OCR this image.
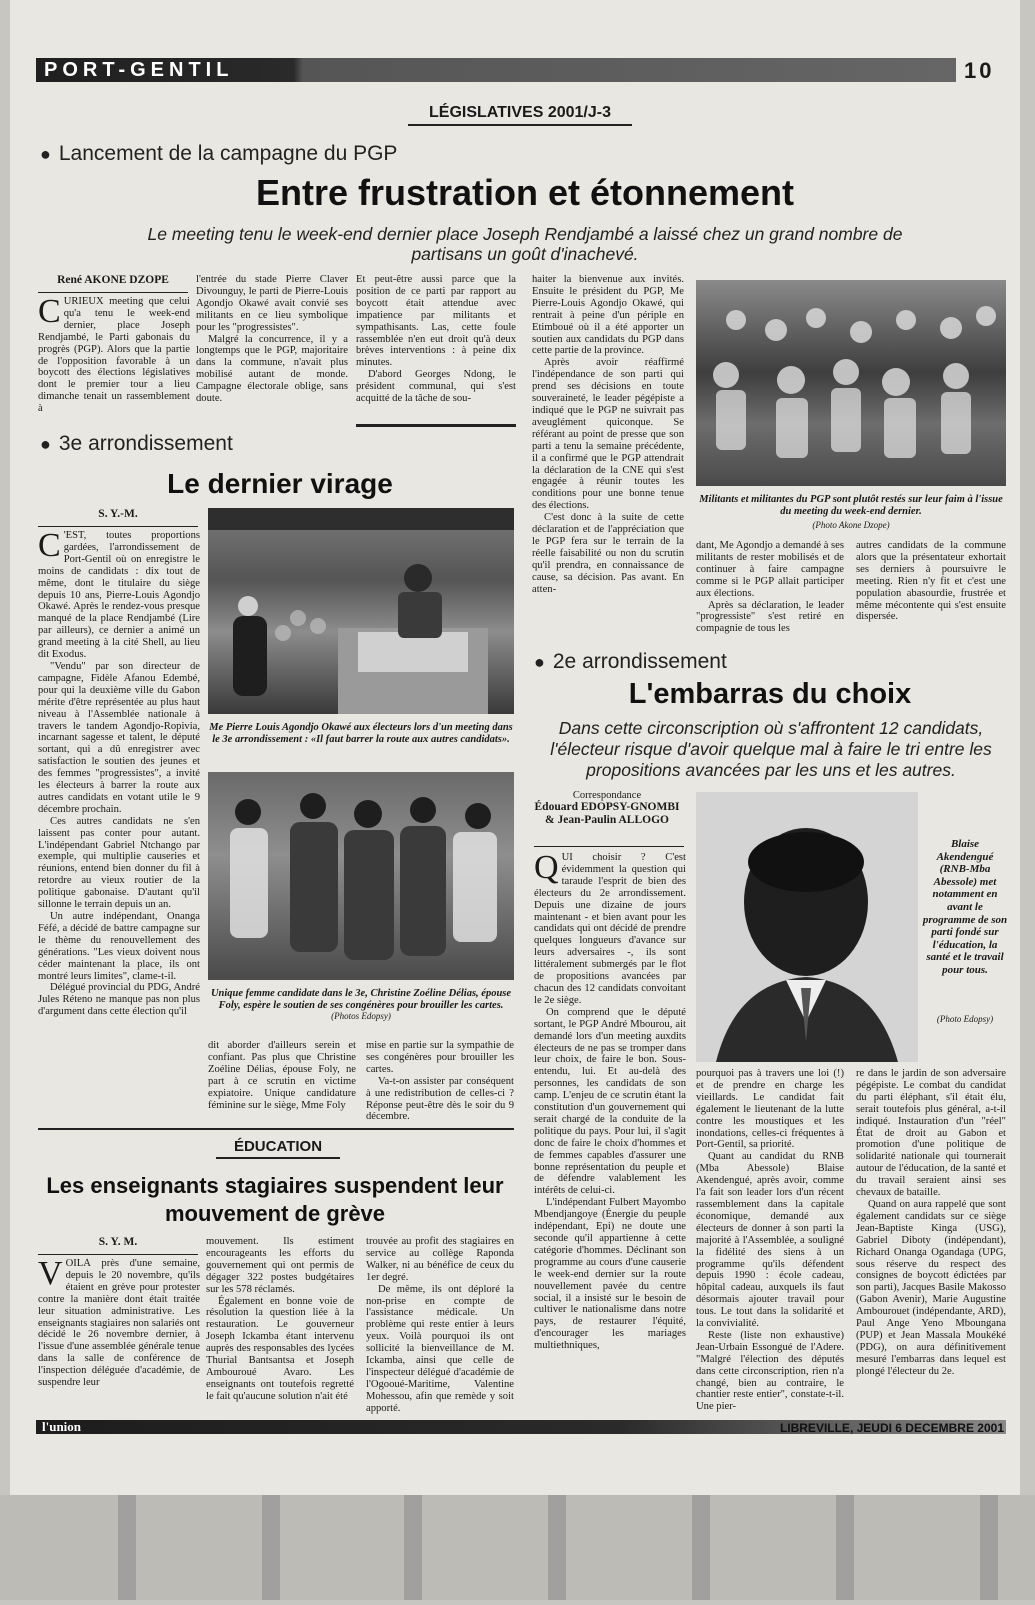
PORT-GENTIL	10
LÉGISLATIVES 2001/J-3
● Lancement de la campagne du PGP
Entre frustration et étonnement
Le meeting tenu le week-end dernier place Joseph Rendjambé a laissé chez un grand nombre de partisans un goût d'inachevé.
René AKONE DZOPE

CURIEUX meeting que celui qu'a tenu le week-end dernier, place Joseph Rendjambé, le Parti gabonais du progrès (PGP). Alors que la partie de l'opposition favorable à un boycott des élections législatives dont le premier tour a lieu dimanche tenait un rassemblement à

l'entrée du stade Pierre Claver Divounguy, le parti de Pierre-Louis Agondjo Okawé avait convié ses militants en ce lieu symbolique pour les "progressistes".

Malgré la concurrence, il y a longtemps que le PGP, majoritaire dans la commune, n'avait plus mobilisé autant de monde. Campagne électorale oblige, sans doute.

Et peut-être aussi parce que la position de ce parti par rapport au boycott était attendue avec impatience par militants et sympathisants. Las, cette foule rassemblée n'en eut droit qu'à deux brèves interventions : à peine dix minutes.

D'abord Georges Ndong, le président communal, qui s'est acquitté de la tâche de sou-

haiter la bienvenue aux invités. Ensuite le président du PGP, Me Pierre-Louis Agondjo Okawé, qui rentrait à peine d'un périple en Etimboué où il a été apporter un soutien aux candidats du PGP dans cette partie de la province.

Après avoir réaffirmé l'indépendance de son parti qui prend ses décisions en toute souveraineté, le leader pégépiste a indiqué que le PGP ne suivrait pas aveuglément quiconque. Se référant au point de presse que son parti a tenu la semaine précédente, il a confirmé que le PGP attendrait la déclaration de la CNE qui s'est engagée à réunir toutes les conditions pour une bonne tenue des élections.

C'est donc à la suite de cette déclaration et de l'appréciation que le PGP fera sur le terrain de la réelle faisabilité ou non du scrutin qu'il prendra, en connaissance de cause, sa décision. Pas avant. En atten-

Militants et militantes du PGP sont plutôt restés sur leur faim à l'issue du meeting du week-end dernier.
(Photo Akone Dzope)

dant, Me Agondjo a demandé à ses militants de rester mobilisés et de continuer à faire campagne comme si le PGP allait participer aux élections.

Après sa déclaration, le leader "progressiste" s'est retiré en compagnie de tous les

autres candidats de la commune alors que la présentateur exhortait ses derniers à poursuivre le meeting. Rien n'y fit et c'est une population abasourdie, frustrée et même mécontente qui s'est ensuite dispersée.

● 3e arrondissement
Le dernier virage
S. Y.-M.

C 'EST, toutes proportions gardées, l'arrondissement de Port-Gentil où on enregistre le moins de candidats : dix tout de même, dont le titulaire du siège depuis 10 ans, Pierre-Louis Agondjo Okawé. Après le rendez-vous presque manqué de la place Rendjambé (Lire par ailleurs), ce dernier a animé un grand meeting à la cité Shell, au lieu dit Exodus.

"Vendu" par son directeur de campagne, Fidèle Afanou Edembé, pour qui la deuxième ville du Gabon mérite d'être représentée au plus haut niveau à l'Assemblée nationale à travers le tandem Agondjo-Ropivia, incarnant sagesse et talent, le député sortant, qui a dû enregistrer avec satisfaction le soutien des jeunes et des femmes "progressistes", a invité les électeurs à barrer la route aux autres candidats en votant utile le 9 décembre prochain.

Ces autres candidats ne s'en laissent pas conter pour autant. L'indépendant Gabriel Ntchango par exemple, qui multiplie causeries et réunions, entend bien donner du fil à retordre au vieux routier de la politique gabonaise. D'autant qu'il sillonne le terrain depuis un an.

Un autre indépendant, Onanga Féfé, a décidé de battre campagne sur le thème du renouvellement des générations. "Les vieux doivent nous céder maintenant la place, ils ont montré leurs limites", clame-t-il.

Délégué provincial du PDG, André Jules Réteno ne manque pas non plus d'argument dans cette élection qu'il

Me Pierre Louis Agondjo Okawé aux électeurs lors d'un meeting dans le 3e arrondissement : «Il faut barrer la route aux autres candidats».
Unique femme candidate dans le 3e, Christine Zoéline Délias, épouse Foly, espère le soutien de ses congénères pour brouiller les cartes. (Photos Edopsy)

dit aborder d'ailleurs serein et confiant. Pas plus que Christine Zoéline Délias, épouse Foly, ne part à ce scrutin en victime expiatoire. Unique candidature féminine sur le siège, Mme Foly

mise en partie sur la sympathie de ses congénères pour brouiller les cartes.

Va-t-on assister par conséquent à une redistribution de celles-ci ? Réponse peut-être dès le soir du 9 décembre.

● 2e arrondissement
L'embarras du choix
Dans cette circonscription où s'affrontent 12 candidats, l'électeur risque d'avoir quelque mal à faire le tri entre les propositions avancées par les uns et les autres.
Correspondance
Édouard EDOPSY-GNOMBI & Jean-Paulin ALLOGO

QUI choisir ? C'est évidemment la question qui taraude l'esprit de bien des électeurs du 2e arrondissement. Depuis une dizaine de jours maintenant - et bien avant pour les candidats qui ont décidé de prendre quelques longueurs d'avance sur leurs adversaires -, ils sont littéralement submergés par le flot de propositions avancées par chacun des 12 candidats convoitant le 2e siège.

On comprend que le député sortant, le PGP André Mbourou, ait demandé lors d'un meeting auxdits électeurs de ne pas se tromper dans leur choix, de faire le bon. Sous-entendu, lui. Et au-delà des personnes, les candidats de son camp. L'enjeu de ce scrutin étant la constitution d'un gouvernement qui serait chargé de la conduite de la politique du pays. Pour lui, il s'agit donc de faire le choix d'hommes et de femmes capables d'assurer une bonne représentation du peuple et de défendre valablement les intérêts de celui-ci.

L'indépendant Fulbert Mayombo Mbendjangoye (Énergie du peuple indépendant, Epi) ne doute une seconde qu'il appartienne à cette catégorie d'hommes. Déclinant son programme au cours d'une causerie le week-end dernier sur la route nouvellement pavée du centre social, il a insisté sur le besoin de cultiver le nationalisme dans notre pays, de restaurer l'équité, d'encourager les mariages multiethniques,

Blaise Akendengué (RNB-Mba Abessole) met notamment en avant le programme de son parti fondé sur l'éducation, la santé et le travail pour tous.
(Photo Edopsy)

pourquoi pas à travers une loi (!) et de prendre en charge les vieillards. Le candidat fait également le lieutenant de la lutte contre les moustiques et les inondations, celles-ci fréquentes à Port-Gentil, sa priorité.

Quant au candidat du RNB (Mba Abessole) Blaise Akendengué, après avoir, comme l'a fait son leader lors d'un récent rassemblement dans la capitale économique, demandé aux électeurs de donner à son parti la majorité à l'Assemblée, a souligné la fidélité des siens à un programme qu'ils défendent depuis 1990 : école cadeau, hôpital cadeau, auxquels ils faut désormais ajouter travail pour tous. Le tout dans la solidarité et la convivialité.

Reste (liste non exhaustive) Jean-Urbain Essongué de l'Adere. "Malgré l'élection des députés dans cette circonscription, rien n'a changé, bien au contraire, le chantier reste entier", constate-t-il. Une pier-

re dans le jardin de son adversaire pégépiste. Le combat du candidat du parti éléphant, s'il était élu, serait toutefois plus général, a-t-il indiqué. Instauration d'un "réel" État de droit au Gabon et promotion d'une politique de solidarité nationale qui tournerait autour de l'éducation, de la santé et du travail seraient ainsi ses chevaux de bataille.

Quand on aura rappelé que sont également candidats sur ce siège Jean-Baptiste Kinga (USG), Gabriel Diboty (indépendant), Richard Onanga Ogandaga (UPG, sous réserve du respect des consignes de boycott édictées par son parti), Jacques Basile Makosso (Gabon Avenir), Marie Augustine Ambourouet (indépendante, ARD), Paul Ange Yeno Mboungana (PUP) et Jean Massala Moukéké (PDG), on aura définitivement mesuré l'embarras dans lequel est plongé l'électeur du 2e.

ÉDUCATION
Les enseignants stagiaires suspendent leur mouvement de grève
S. Y. M.

VOILÀ près d'une semaine, depuis le 20 novembre, qu'ils étaient en grève pour protester contre la manière dont était traitée leur situation administrative. Les enseignants stagiaires non salariés ont décidé le 26 novembre dernier, à l'issue d'une assemblée générale tenue dans la salle de conférence de l'inspection déléguée d'académie, de suspendre leur

mouvement. Ils estiment encourageants les efforts du gouvernement qui ont permis de dégager 322 postes budgétaires sur les 578 réclamés.

Également en bonne voie de résolution la question liée à la restauration. Le gouverneur Joseph Ickamba étant intervenu auprès des responsables des lycées Thurial Bantsantsa et Joseph Ambouroué Avaro. Les enseignants ont toutefois regretté le fait qu'aucune solution n'ait été

trouvée au profit des stagiaires en service au collège Raponda Walker, ni au bénéfice de ceux du 1er degré.

De même, ils ont déploré la non-prise en compte de l'assistance médicale. Un problème qui reste entier à leurs yeux. Voilà pourquoi ils ont sollicité la bienveillance de M. Ickamba, ainsi que celle de l'inspecteur délégué d'académie de l'Ogooué-Maritime, Valentine Mohessou, afin que remède y soit apporté.

l'union	LIBREVILLE, JEUDI 6 DECEMBRE 2001
